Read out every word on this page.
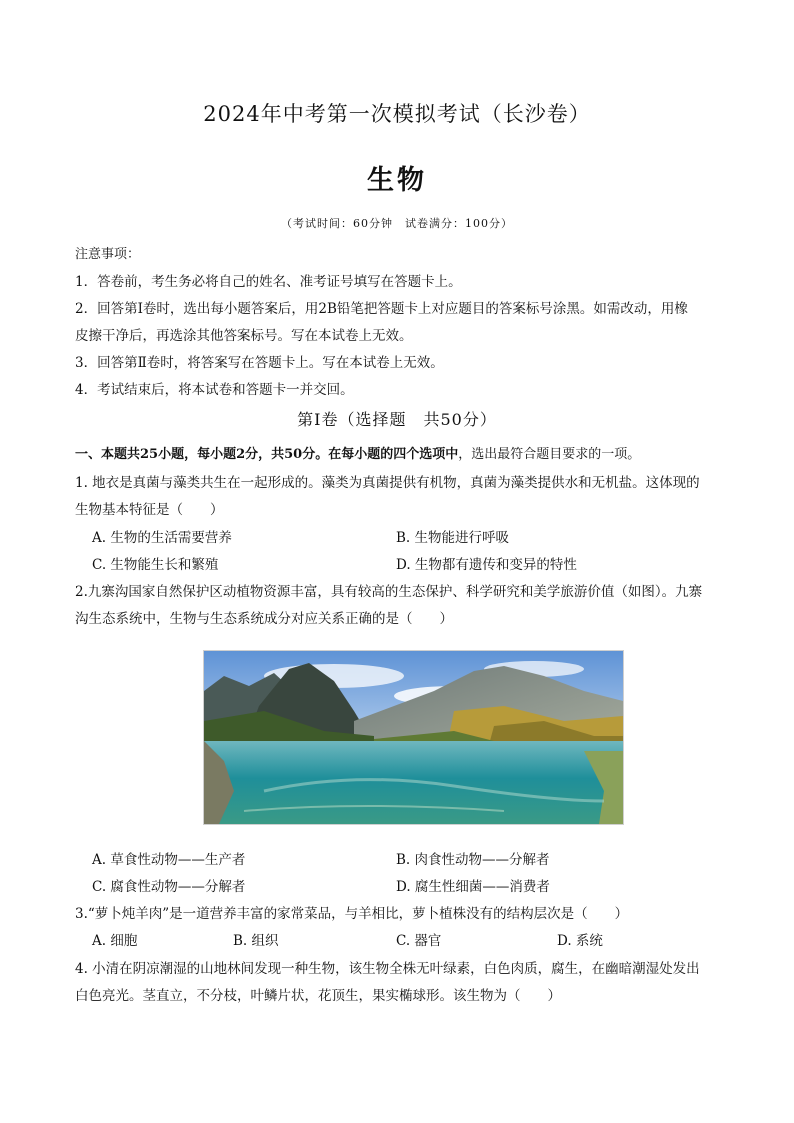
2024年中考第一次模拟考试（长沙卷）
生物
（考试时间：60分钟　试卷满分：100分）
注意事项：
1．答卷前，考生务必将自己的姓名、准考证号填写在答题卡上。
2．回答第Ⅰ卷时，选出每小题答案后，用2B铅笔把答题卡上对应题目的答案标号涂黑。如需改动，用橡
皮擦干净后，再选涂其他答案标号。写在本试卷上无效。
3．回答第Ⅱ卷时，将答案写在答题卡上。写在本试卷上无效。
4．考试结束后，将本试卷和答题卡一并交回。
第Ⅰ卷（选择题　共50分）
一、本题共25小题，每小题2分，共50分。在每小题的四个选项中，选出最符合题目要求的一项。
1. 地衣是真菌与藻类共生在一起形成的。藻类为真菌提供有机物，真菌为藻类提供水和无机盐。这体现的
生物基本特征是（　　）
A. 生物的生活需要营养	B. 生物能进行呼吸
C. 生物能生长和繁殖	D. 生物都有遗传和变异的特性
2.九寨沟国家自然保护区动植物资源丰富，具有较高的生态保护、科学研究和美学旅游价值（如图）。九寨
沟生态系统中，生物与生态系统成分对应关系正确的是（　　）
A. 草食性动物——生产者	B. 肉食性动物——分解者
C. 腐食性动物——分解者	D. 腐生性细菌——消费者
3.“萝卜炖羊肉”是一道营养丰富的家常菜品，与羊相比，萝卜植株没有的结构层次是（　　）
A. 细胞	B. 组织	C. 器官	D. 系统
4. 小清在阴凉潮湿的山地林间发现一种生物，该生物全株无叶绿素，白色肉质，腐生，在幽暗潮湿处发出
白色亮光。茎直立，不分枝，叶鳞片状，花顶生，果实椭球形。该生物为（　　）
